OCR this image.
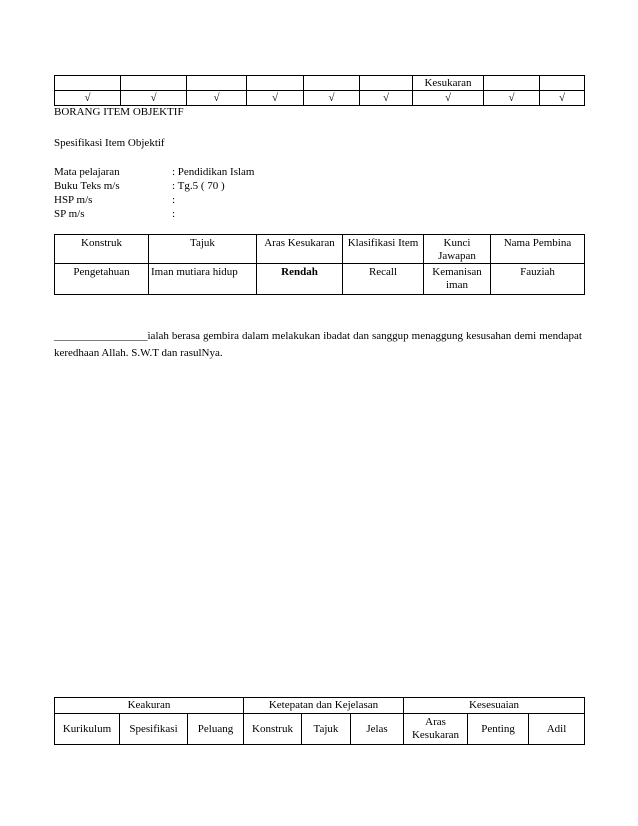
						Kesukaran		
√	√	√	√	√	√	√	√	√
BORANG ITEM OBJEKTIF
Spesifikasi Item Objektif
Mata pelajaran	: Pendidikan Islam
Buku Teks m/s	: Tg.5 ( 70 )
HSP m/s	:
SP m/s	:
Konstruk	Tajuk	Aras Kesukaran	Klasifikasi Item	Kunci Jawapan	Nama Pembina
Pengetahuan	Iman mutiara hidup	Rendah	Recall	Kemanisan iman	Fauziah
_________________ialah berasa gembira dalam melakukan ibadat dan sanggup menaggung kesusahan demi mendapat keredhaan Allah. S.W.T dan rasulNya.
Keakuran			Ketepatan dan Kejelasan			Kesesuaian		
Kurikulum	Spesifikasi	Peluang	Konstruk	Tajuk	Jelas	Aras Kesukaran	Penting	Adil
